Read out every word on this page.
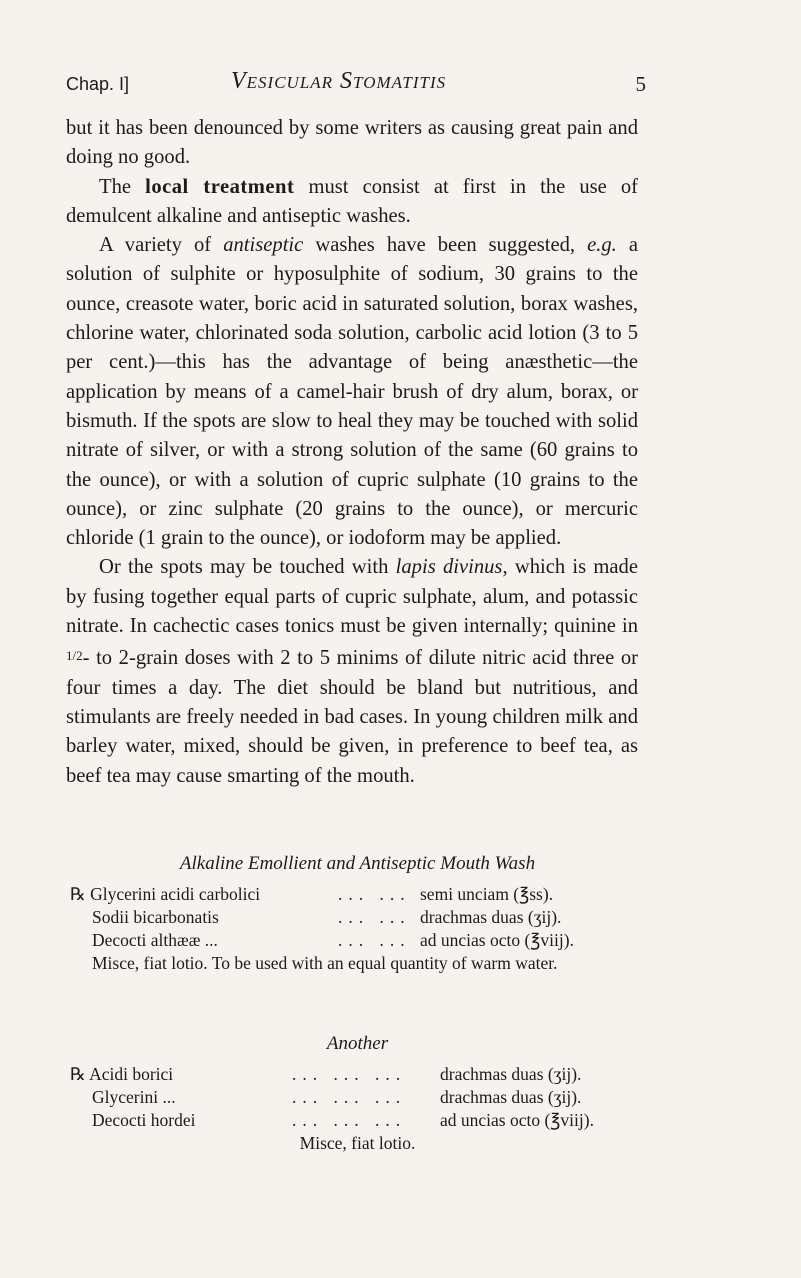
Chap. I]	Vesicular Stomatitis	5

but it has been denounced by some writers as causing great pain and doing no good.

The local treatment must consist at first in the use of demulcent alkaline and antiseptic washes.

A variety of antiseptic washes have been suggested, e.g. a solution of sulphite or hyposulphite of sodium, 30 grains to the ounce, creasote water, boric acid in saturated solution, borax washes, chlorine water, chlorinated soda solution, carbolic acid lotion (3 to 5 per cent.)—this has the advantage of being anæsthetic—the application by means of a camel-hair brush of dry alum, borax, or bismuth. If the spots are slow to heal they may be touched with solid nitrate of silver, or with a strong solution of the same (60 grains to the ounce), or with a solution of cupric sulphate (10 grains to the ounce), or zinc sulphate (20 grains to the ounce), or mercuric chloride (1 grain to the ounce), or iodoform may be applied.

Or the spots may be touched with lapis divinus, which is made by fusing together equal parts of cupric sulphate, alum, and potassic nitrate. In cachectic cases tonics must be given internally; quinine in 1/2- to 2-grain doses with 2 to 5 minims of dilute nitric acid three or four times a day. The diet should be bland but nutritious, and stimulants are freely needed in bad cases. In young children milk and barley water, mixed, should be given, in preference to beef tea, as beef tea may cause smarting of the mouth.

Alkaline Emollient and Antiseptic Mouth Wash
℞ Glycerini acidi carbolici	... ... semi unciam (℥ss).
Sodii bicarbonatis	... ... drachmas duas (ʒij).
Decocti althææ ...	... ... ad uncias octo (℥viij).
Misce, fiat lotio. To be used with an equal quantity of warm water.
Another
℞ Acidi borici	... ... ... drachmas duas (ʒij).
Glycerini ...	... ... ... drachmas duas (ʒij).
Decocti hordei	... ... ... ad uncias octo (℥viij).
Misce, fiat lotio.
